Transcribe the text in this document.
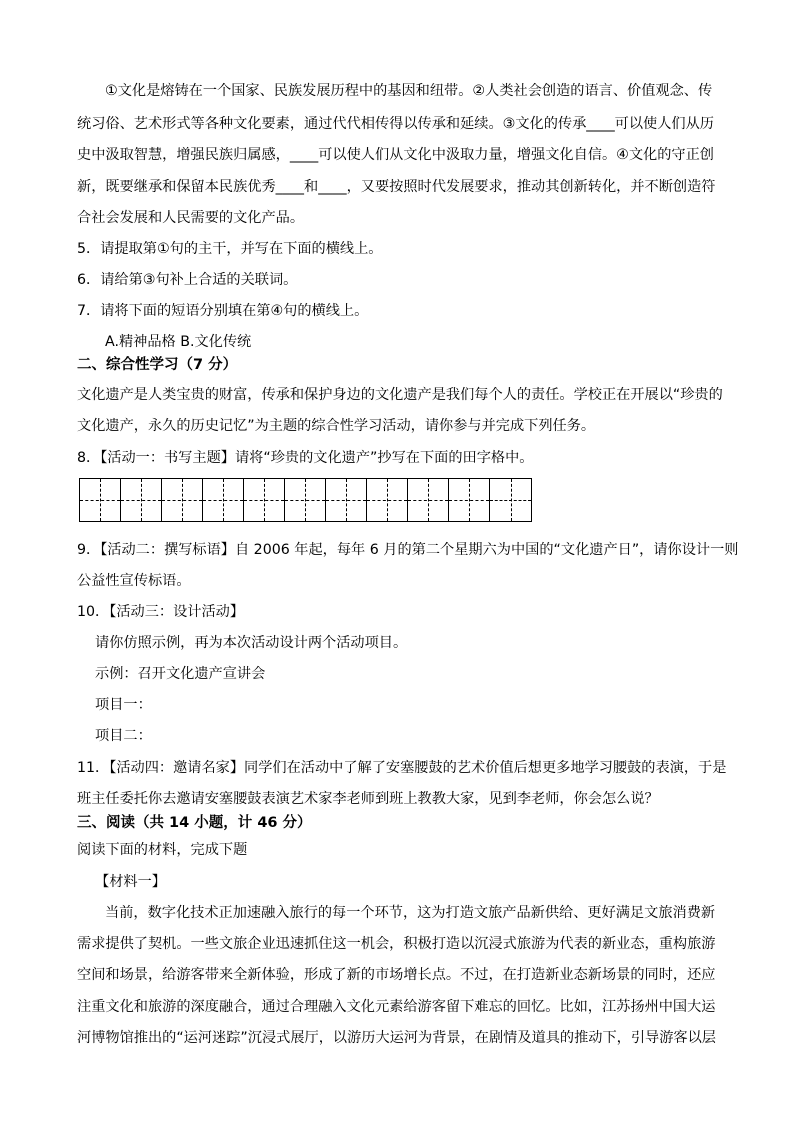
①文化是熔铸在一个国家、民族发展历程中的基因和纽带。②人类社会创造的语言、价值观念、传
统习俗、艺术形式等各种文化要素，通过代代相传得以传承和延续。③文化的传承____可以使人们从历
史中汲取智慧，增强民族归属感，____可以使人们从文化中汲取力量，增强文化自信。④文化的守正创
新，既要继承和保留本民族优秀____和____，又要按照时代发展要求，推动其创新转化，并不断创造符
合社会发展和人民需要的文化产品。
5．请提取第①句的主干，并写在下面的横线上。
6．请给第③句补上合适的关联词。
7．请将下面的短语分别填在第④句的横线上。
A.精神品格 B.文化传统
二、综合性学习（7 分）
文化遗产是人类宝贵的财富，传承和保护身边的文化遗产是我们每个人的责任。学校正在开展以“珍贵的
文化遗产，永久的历史记忆”为主题的综合性学习活动，请你参与并完成下列任务。
8．【活动一：书写主题】请将“珍贵的文化遗产”抄写在下面的田字格中。
9．【活动二：撰写标语】自 2006 年起，每年 6 月的第二个星期六为中国的“文化遗产日”，请你设计一则
公益性宣传标语。
10．【活动三：设计活动】
请你仿照示例，再为本次活动设计两个活动项目。
示例：召开文化遗产宣讲会
项目一：
项目二：
11．【活动四：邀请名家】同学们在活动中了解了安塞腰鼓的艺术价值后想更多地学习腰鼓的表演，于是
班主任委托你去邀请安塞腰鼓表演艺术家李老师到班上教教大家，见到李老师，你会怎么说？
三、阅读（共 14 小题，计 46 分）
阅读下面的材料，完成下题
【材料一】
当前，数字化技术正加速融入旅行的每一个环节，这为打造文旅产品新供给、更好满足文旅消费新
需求提供了契机。一些文旅企业迅速抓住这一机会，积极打造以沉浸式旅游为代表的新业态，重构旅游
空间和场景，给游客带来全新体验，形成了新的市场增长点。不过，在打造新业态新场景的同时，还应
注重文化和旅游的深度融合，通过合理融入文化元素给游客留下难忘的回忆。比如，江苏扬州中国大运
河博物馆推出的“运河迷踪”沉浸式展厅，以游历大运河为背景，在剧情及道具的推动下，引导游客以层
